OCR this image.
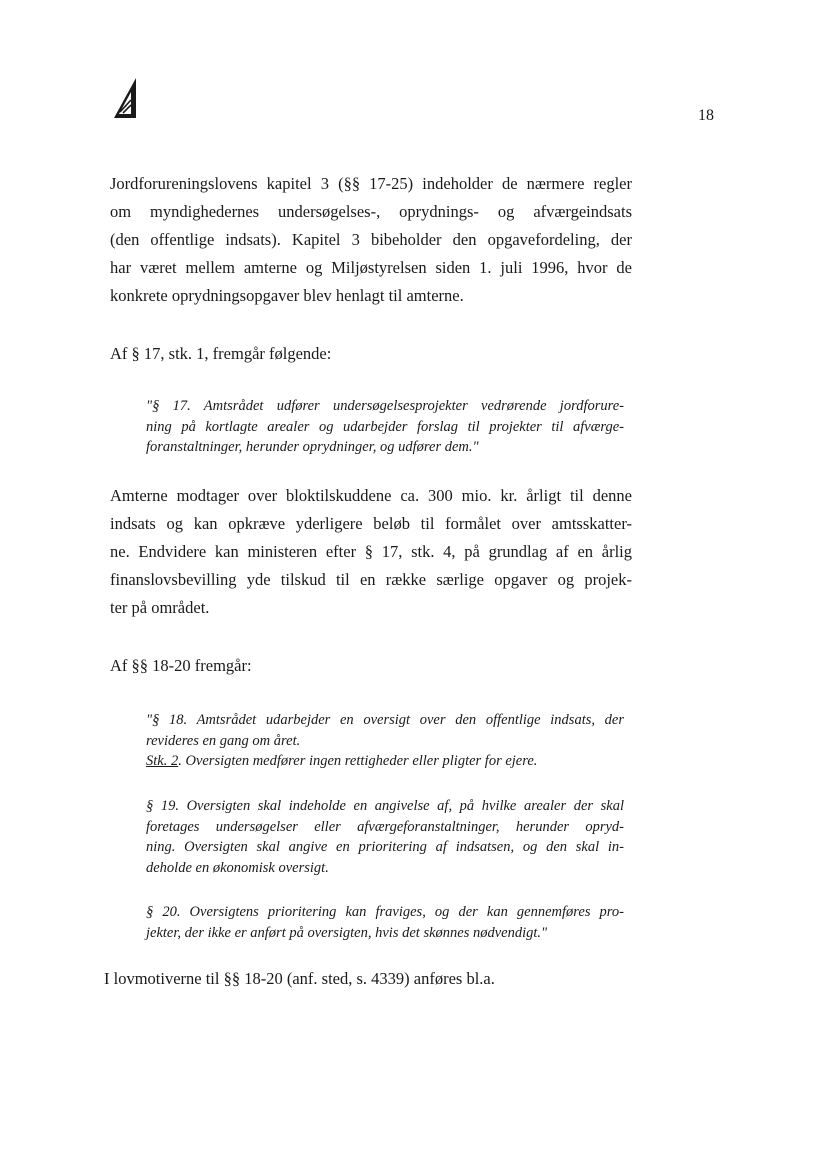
18
Jordforureningslovens kapitel 3 (§§ 17-25) indeholder de nærmere regler
om myndighedernes undersøgelses-, oprydnings- og afværgeindsats
(den offentlige indsats). Kapitel 3 bibeholder den opgavefordeling, der
har været mellem amterne og Miljøstyrelsen siden 1. juli 1996, hvor de
konkrete oprydningsopgaver blev henlagt til amterne.
Af § 17, stk. 1, fremgår følgende:
"§ 17. Amtsrådet udfører undersøgelsesprojekter vedrørende jordforure-
ning på kortlagte arealer og udarbejder forslag til projekter til afværge-
foranstaltninger, herunder oprydninger, og udfører dem."
Amterne modtager over bloktilskuddene ca. 300 mio. kr. årligt til denne
indsats og kan opkræve yderligere beløb til formålet over amtsskatter-
ne. Endvidere kan ministeren efter § 17, stk. 4, på grundlag af en årlig
finanslovsbevilling yde tilskud til en række særlige opgaver og projek-
ter på området.
Af §§ 18-20 fremgår:
"§ 18. Amtsrådet udarbejder en oversigt over den offentlige indsats, der
revideres en gang om året.
Stk. 2. Oversigten medfører ingen rettigheder eller pligter for ejere.
§ 19. Oversigten skal indeholde en angivelse af, på hvilke arealer der skal
foretages undersøgelser eller afværgeforanstaltninger, herunder opryd-
ning. Oversigten skal angive en prioritering af indsatsen, og den skal in-
deholde en økonomisk oversigt.
§ 20. Oversigtens prioritering kan fraviges, og der kan gennemføres pro-
jekter, der ikke er anført på oversigten, hvis det skønnes nødvendigt."
I lovmotiverne til §§ 18-20 (anf. sted, s. 4339) anføres bl.a.
